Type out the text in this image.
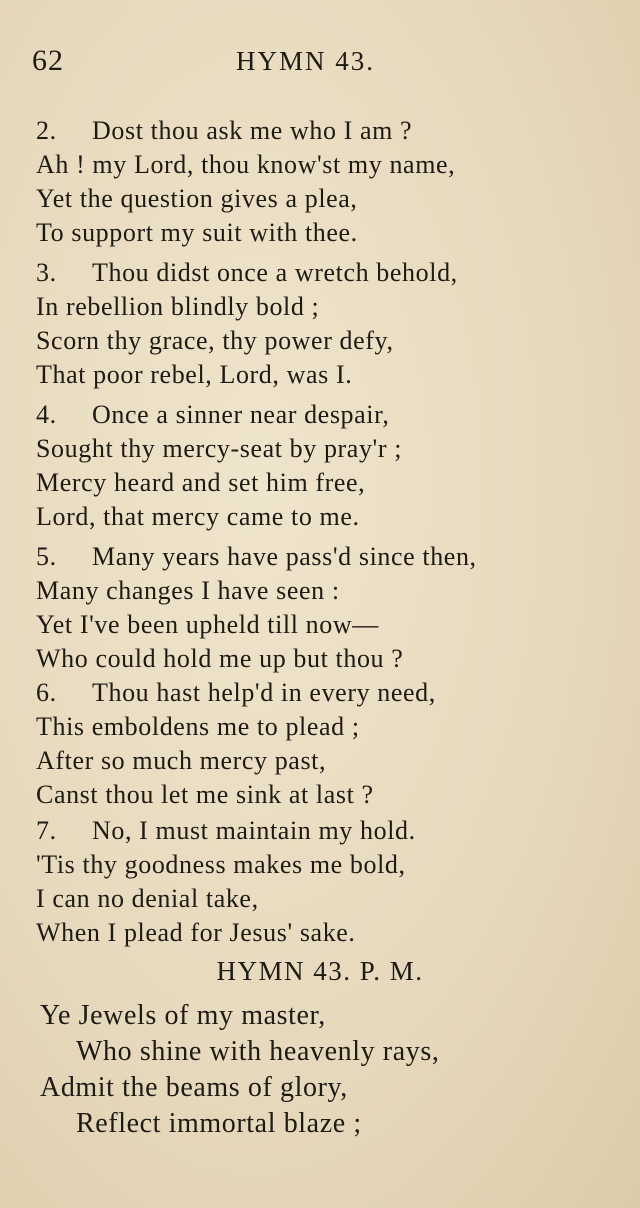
62	HYMN 43.
2. Dost thou ask me who I am ?
Ah ! my Lord, thou know'st my name,
Yet the question gives a plea,
To support my suit with thee.
3. Thou didst once a wretch behold,
In rebellion blindly bold ;
Scorn thy grace, thy power defy,
That poor rebel, Lord, was I.
4. Once a sinner near despair,
Sought thy mercy-seat by pray'r ;
Mercy heard and set him free,
Lord, that mercy came to me.
5. Many years have pass'd since then,
Many changes I have seen :
Yet I've been upheld till now—
Who could hold me up but thou ?
6. Thou hast help'd in every need,
This emboldens me to plead ;
After so much mercy past,
Canst thou let me sink at last ?
7. No, I must maintain my hold.
'Tis thy goodness makes me bold,
I can no denial take,
When I plead for Jesus' sake.
HYMN 43. P. M.
Ye Jewels of my master,
Who shine with heavenly rays,
Admit the beams of glory,
Reflect immortal blaze ;
